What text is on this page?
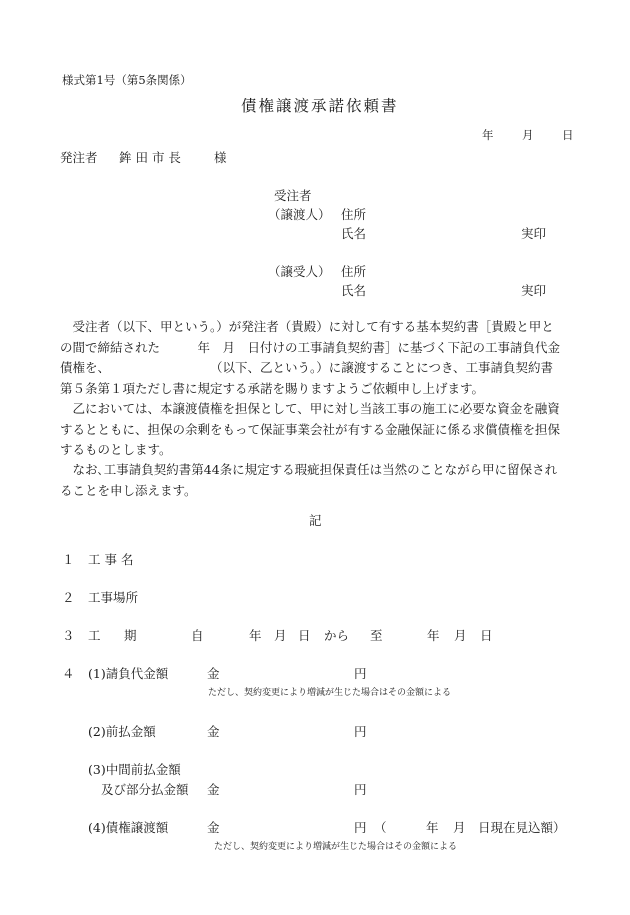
様式第1号（第5条関係）
債権譲渡承諾依頼書
年 月 日
発注者 鉾 田 市 長	様
受注者
（譲渡人） 住所
氏名	実印
（譲受人） 住所
氏名	実印
　受注者（以下、甲という。）が発注者（貴殿）に対して有する基本契約書［貴殿と甲と
の間で締結された　　　年　月　日付けの工事請負契約書］に基づく下記の工事請負代金
債権を、　　　　　　　　　（以下、乙という。）に譲渡することにつき、工事請負契約書
第５条第１項ただし書に規定する承諾を賜りますようご依頼申し上げます。
　乙においては、本譲渡債権を担保として、甲に対し当該工事の施工に必要な資金を融資
するとともに、担保の余剰をもって保証事業会社が有する金融保証に係る求償債権を担保
するものとします。
　なお､工事請負契約書第44条に規定する瑕疵担保責任は当然のことながら甲に留保され
ることを申し添えます。
記
１ 工 事 名
２ 工事場所
３ 工 期	自	年 月 日 から 至	年 月 日
４ (1)請負代金額	金	円
ただし、契約変更により増減が生じた場合はその金額による
(2)前払金額	金	円
(3)中間前払金額
及び部分払金額 金	円
(4)債権譲渡額	金	円 （	年 月 日現在見込額）
ただし、契約変更により増減が生じた場合はその金額による
